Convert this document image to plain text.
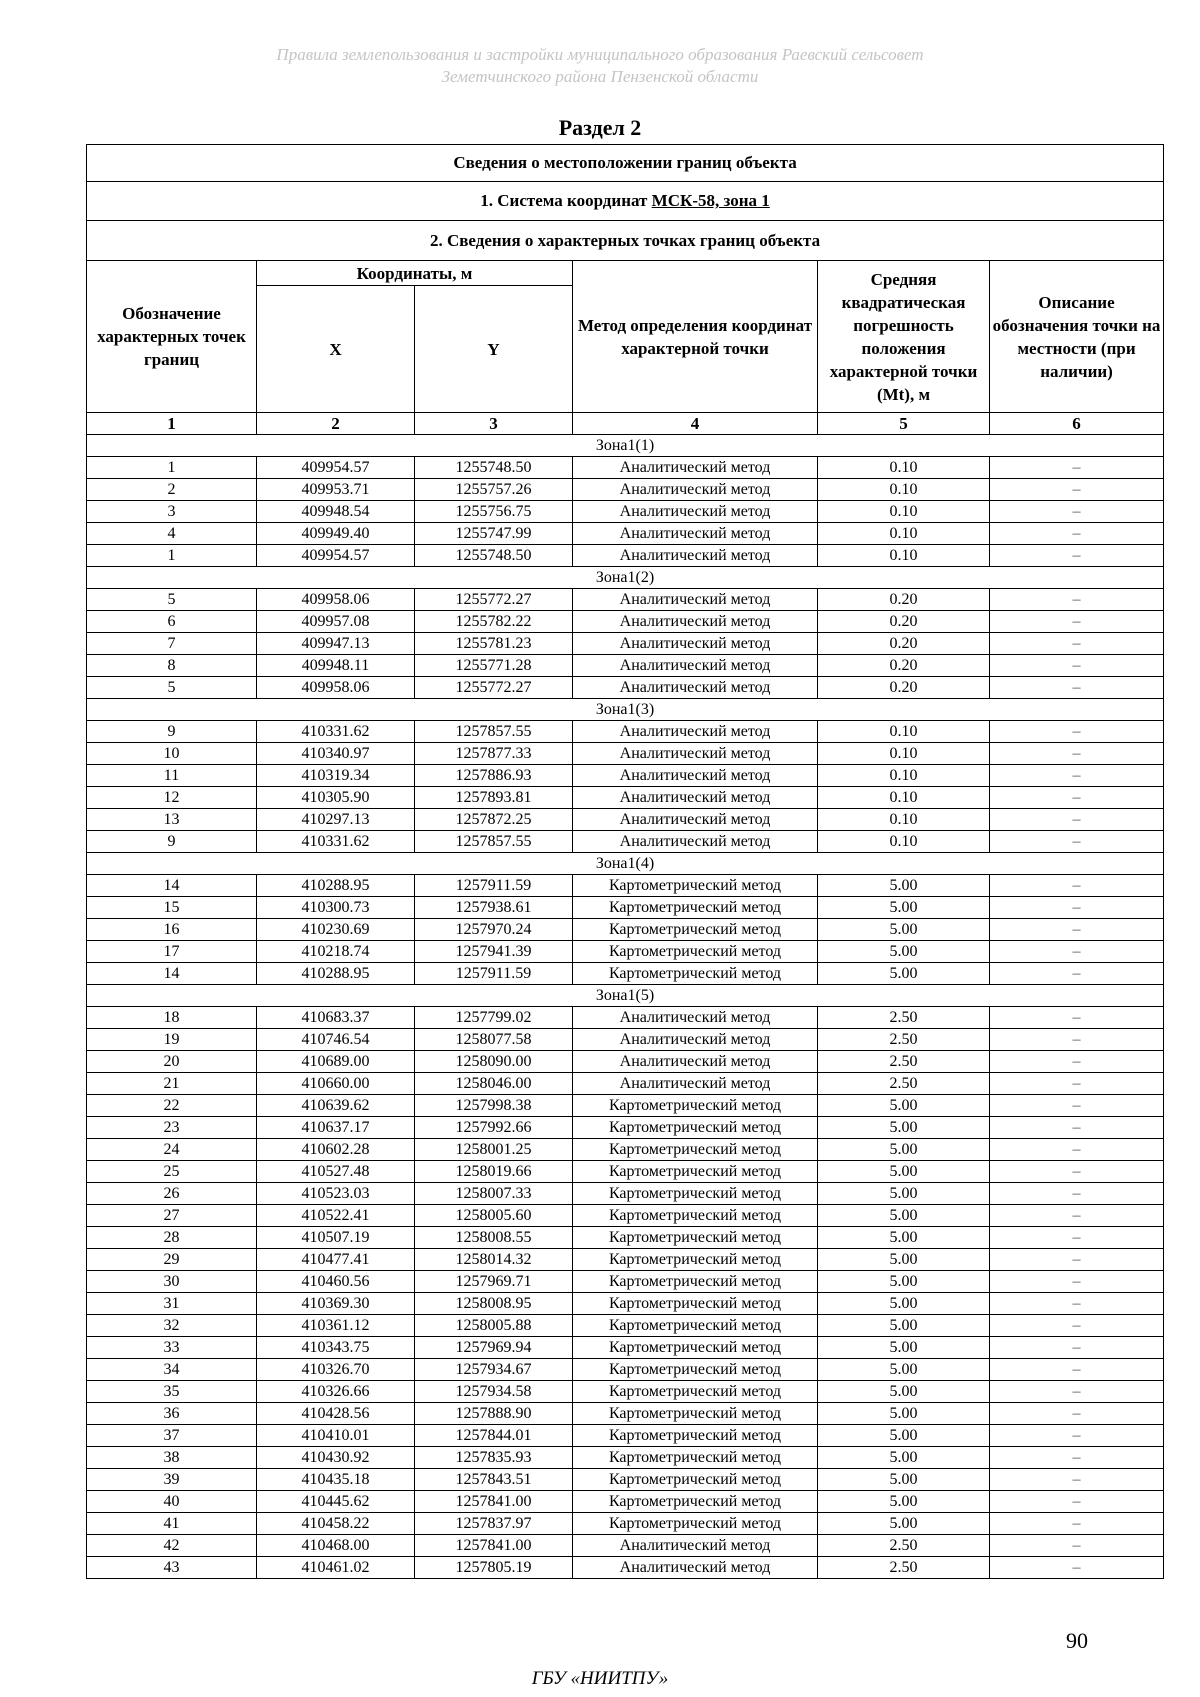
Правила землепользования и застройки муниципального образования Раевский сельсовет
Земетчинского района Пензенской области
Раздел 2
Сведения о местоположении границ объекта					
1. Система координат МСК-58, зона 1					
2. Сведения о характерных точках границ объекта					
Обозначение характерных точек границ	Координаты, м		Метод определения координат характерной точки	Средняя квадратическая погрешность положения характерной точки (Mt), м	Описание обозначения точки на местности (при наличии)
	X	Y			
1	2	3	4	5	6
Зона1(1)					
1	409954.57	1255748.50	Аналитический метод	0.10	–
2	409953.71	1255757.26	Аналитический метод	0.10	–
3	409948.54	1255756.75	Аналитический метод	0.10	–
4	409949.40	1255747.99	Аналитический метод	0.10	–
1	409954.57	1255748.50	Аналитический метод	0.10	–
Зона1(2)					
5	409958.06	1255772.27	Аналитический метод	0.20	–
6	409957.08	1255782.22	Аналитический метод	0.20	–
7	409947.13	1255781.23	Аналитический метод	0.20	–
8	409948.11	1255771.28	Аналитический метод	0.20	–
5	409958.06	1255772.27	Аналитический метод	0.20	–
Зона1(3)					
9	410331.62	1257857.55	Аналитический метод	0.10	–
10	410340.97	1257877.33	Аналитический метод	0.10	–
11	410319.34	1257886.93	Аналитический метод	0.10	–
12	410305.90	1257893.81	Аналитический метод	0.10	–
13	410297.13	1257872.25	Аналитический метод	0.10	–
9	410331.62	1257857.55	Аналитический метод	0.10	–
Зона1(4)					
14	410288.95	1257911.59	Картометрический метод	5.00	–
15	410300.73	1257938.61	Картометрический метод	5.00	–
16	410230.69	1257970.24	Картометрический метод	5.00	–
17	410218.74	1257941.39	Картометрический метод	5.00	–
14	410288.95	1257911.59	Картометрический метод	5.00	–
Зона1(5)					
18	410683.37	1257799.02	Аналитический метод	2.50	–
19	410746.54	1258077.58	Аналитический метод	2.50	–
20	410689.00	1258090.00	Аналитический метод	2.50	–
21	410660.00	1258046.00	Аналитический метод	2.50	–
22	410639.62	1257998.38	Картометрический метод	5.00	–
23	410637.17	1257992.66	Картометрический метод	5.00	–
24	410602.28	1258001.25	Картометрический метод	5.00	–
25	410527.48	1258019.66	Картометрический метод	5.00	–
26	410523.03	1258007.33	Картометрический метод	5.00	–
27	410522.41	1258005.60	Картометрический метод	5.00	–
28	410507.19	1258008.55	Картометрический метод	5.00	–
29	410477.41	1258014.32	Картометрический метод	5.00	–
30	410460.56	1257969.71	Картометрический метод	5.00	–
31	410369.30	1258008.95	Картометрический метод	5.00	–
32	410361.12	1258005.88	Картометрический метод	5.00	–
33	410343.75	1257969.94	Картометрический метод	5.00	–
34	410326.70	1257934.67	Картометрический метод	5.00	–
35	410326.66	1257934.58	Картометрический метод	5.00	–
36	410428.56	1257888.90	Картометрический метод	5.00	–
37	410410.01	1257844.01	Картометрический метод	5.00	–
38	410430.92	1257835.93	Картометрический метод	5.00	–
39	410435.18	1257843.51	Картометрический метод	5.00	–
40	410445.62	1257841.00	Картометрический метод	5.00	–
41	410458.22	1257837.97	Картометрический метод	5.00	–
42	410468.00	1257841.00	Аналитический метод	2.50	–
43	410461.02	1257805.19	Аналитический метод	2.50	–
90
ГБУ «НИИТПУ»
